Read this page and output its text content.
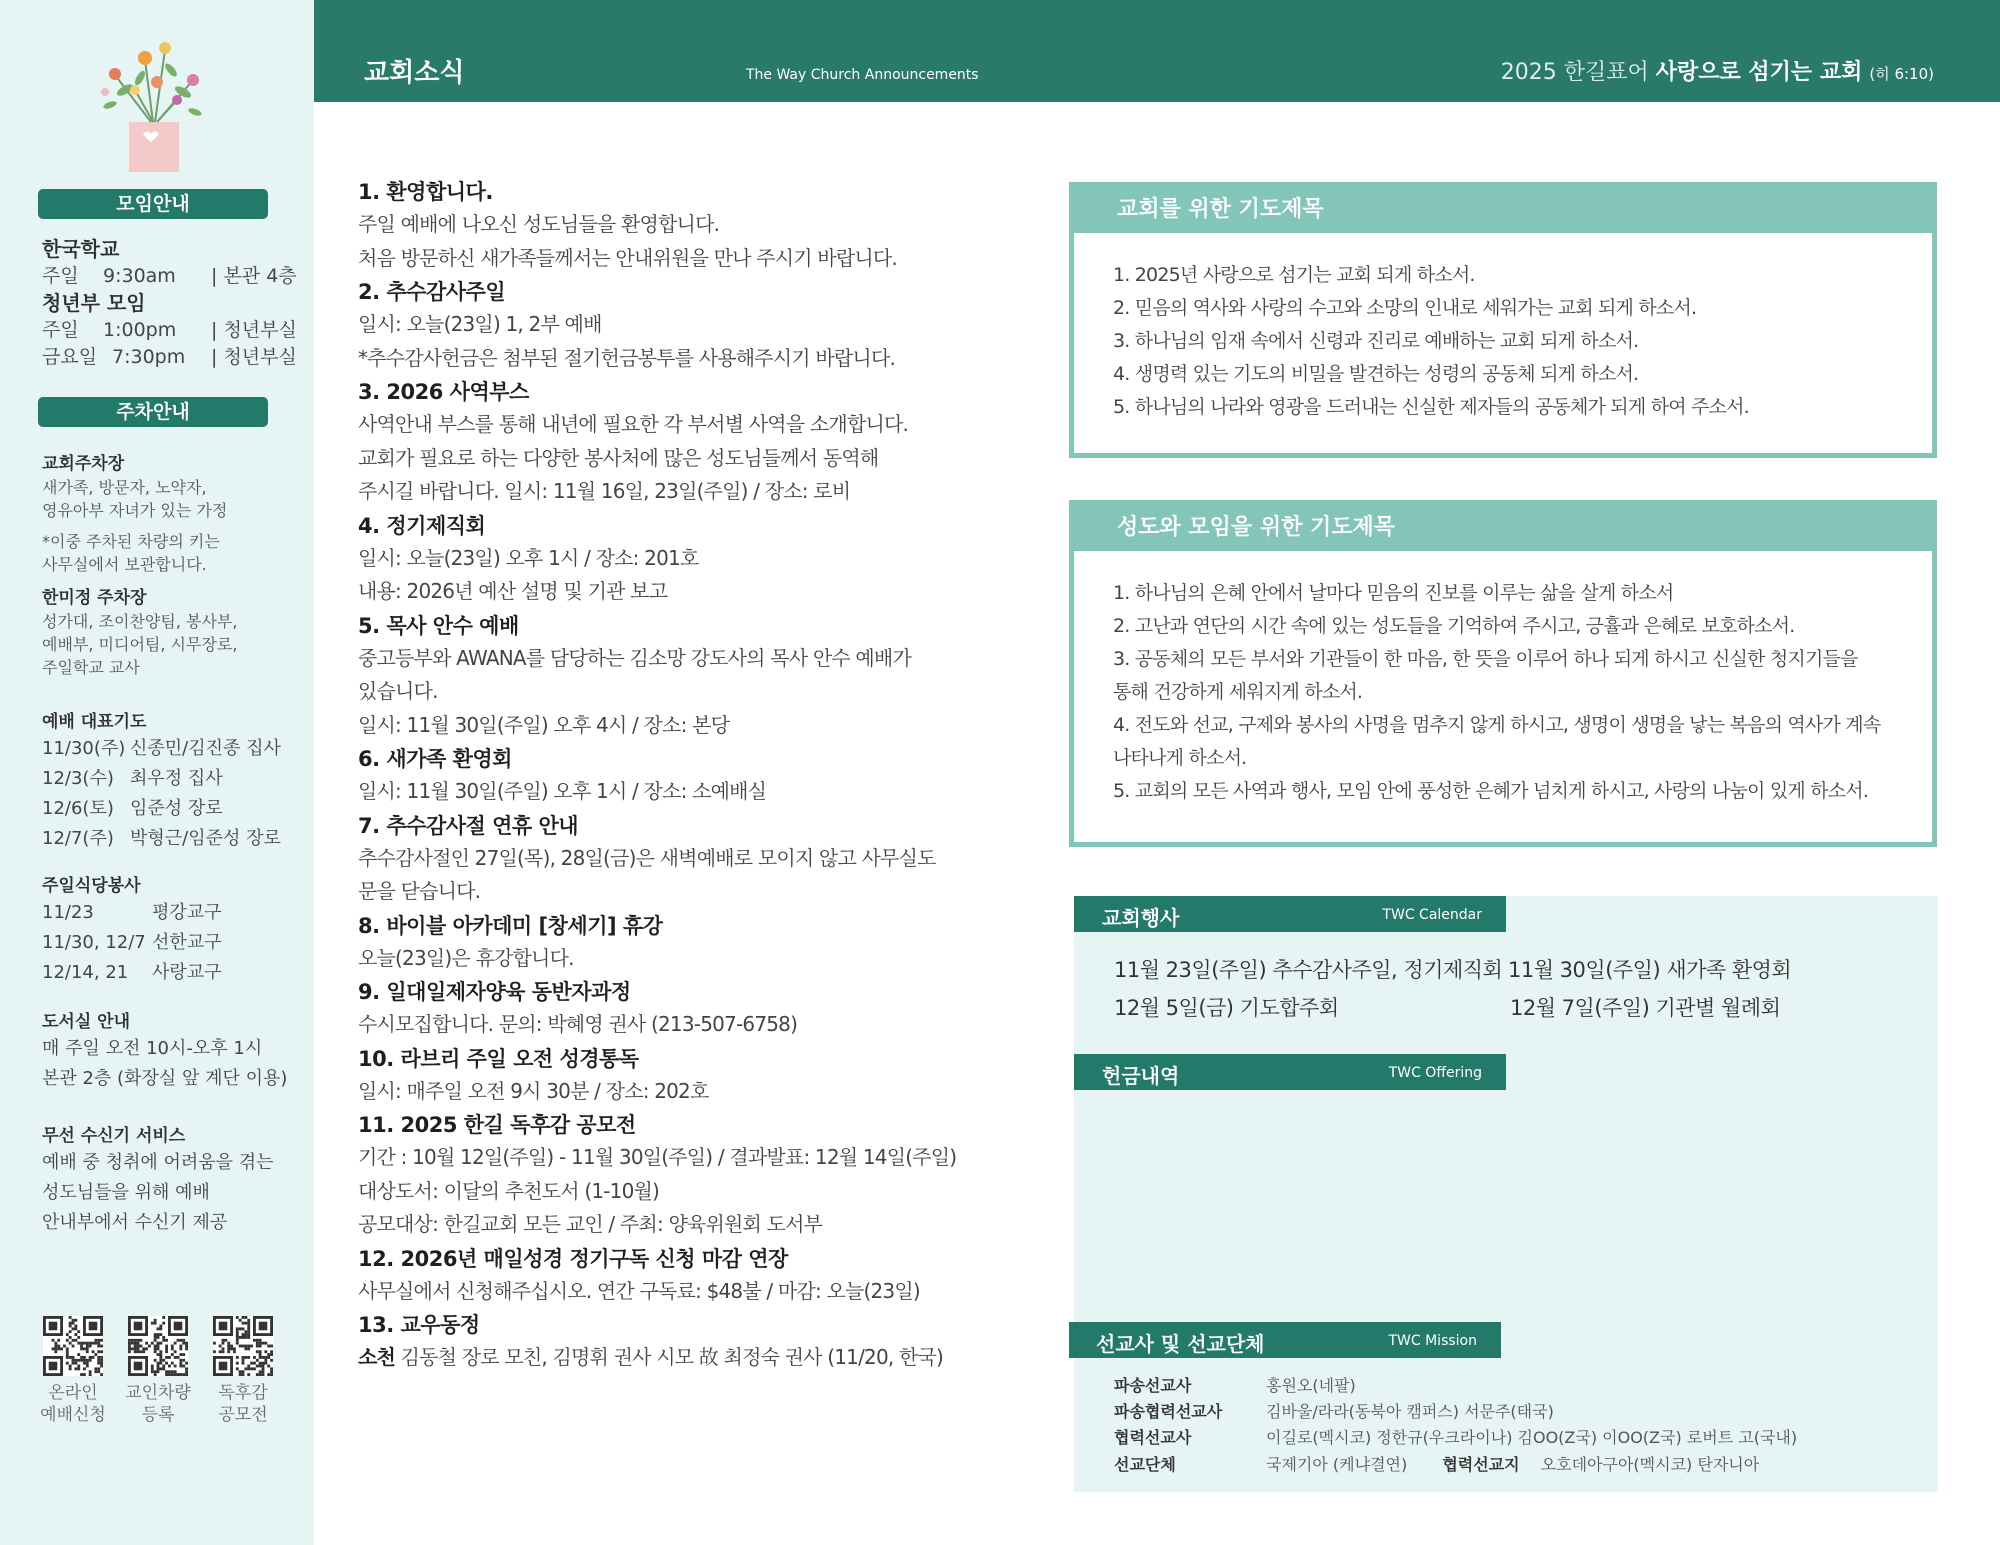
모임안내
한국학교
주일 9:30am | 본관 4층
청년부 모임
주일 1:00pm | 청년부실
금요일 7:30pm | 청년부실
주차안내
교회주차장
새가족, 방문자, 노약자,
영유아부 자녀가 있는 가정
*이중 주차된 차량의 키는
사무실에서 보관합니다.
한미정 주차장
성가대, 조이찬양팀, 봉사부,
예배부, 미디어팀, 시무장로,
주일학교 교사
예배 대표기도
11/30(주) 신종민/김진종 집사
12/3(수) 최우정 집사
12/6(토) 임준성 장로
12/7(주) 박형근/임준성 장로
주일식당봉사
11/23	평강교구
11/30, 12/7 선한교구
12/14, 21 사랑교구
도서실 안내
매 주일 오전 10시-오후 1시
본관 2층 (화장실 앞 계단 이용)
무선 수신기 서비스
예배 중 청취에 어려움을 겪는
성도님들을 위해 예배
안내부에서 수신기 제공
온라인
예배신청
교인차량
등록
독후감
공모전
교회소식	The Way Church Announcements	2025 한길표어 사랑으로 섬기는 교회 (히 6:10)
1. 환영합니다.
주일 예배에 나오신 성도님들을 환영합니다.
처음 방문하신 새가족들께서는 안내위원을 만나 주시기 바랍니다.
2. 추수감사주일
일시: 오늘(23일) 1, 2부 예배
*추수감사헌금은 첨부된 절기헌금봉투를 사용해주시기 바랍니다.
3. 2026 사역부스
사역안내 부스를 통해 내년에 필요한 각 부서별 사역을 소개합니다.
교회가 필요로 하는 다양한 봉사처에 많은 성도님들께서 동역해
주시길 바랍니다. 일시: 11월 16일, 23일(주일) / 장소: 로비
4. 정기제직회
일시: 오늘(23일) 오후 1시 / 장소: 201호
내용: 2026년 예산 설명 및 기관 보고
5. 목사 안수 예배
중고등부와 AWANA를 담당하는 김소망 강도사의 목사 안수 예배가
있습니다.
일시: 11월 30일(주일) 오후 4시 / 장소: 본당
6. 새가족 환영회
일시: 11월 30일(주일) 오후 1시 / 장소: 소예배실
7. 추수감사절 연휴 안내
추수감사절인 27일(목), 28일(금)은 새벽예배로 모이지 않고 사무실도
문을 닫습니다.
8. 바이블 아카데미 [창세기] 휴강
오늘(23일)은 휴강합니다.
9. 일대일제자양육 동반자과정
수시모집합니다. 문의: 박혜영 권사 (213-507-6758)
10. 라브리 주일 오전 성경통독
일시: 매주일 오전 9시 30분 / 장소: 202호
11. 2025 한길 독후감 공모전
기간 : 10월 12일(주일) - 11월 30일(주일) / 결과발표: 12월 14일(주일)
대상도서: 이달의 추천도서 (1-10월)
공모대상: 한길교회 모든 교인 / 주최: 양육위원회 도서부
12. 2026년 매일성경 정기구독 신청 마감 연장
사무실에서 신청해주십시오. 연간 구독료: $48불 / 마감: 오늘(23일)
13. 교우동정
소천 김동철 장로 모친, 김명휘 권사 시모 故 최정숙 권사 (11/20, 한국)
교회를 위한 기도제목
1. 2025년 사랑으로 섬기는 교회 되게 하소서.
2. 믿음의 역사와 사랑의 수고와 소망의 인내로 세워가는 교회 되게 하소서.
3. 하나님의 임재 속에서 신령과 진리로 예배하는 교회 되게 하소서.
4. 생명력 있는 기도의 비밀을 발견하는 성령의 공동체 되게 하소서.
5. 하나님의 나라와 영광을 드러내는 신실한 제자들의 공동체가 되게 하여 주소서.
성도와 모임을 위한 기도제목
1. 하나님의 은혜 안에서 날마다 믿음의 진보를 이루는 삶을 살게 하소서
2. 고난과 연단의 시간 속에 있는 성도들을 기억하여 주시고, 긍휼과 은혜로 보호하소서.
3. 공동체의 모든 부서와 기관들이 한 마음, 한 뜻을 이루어 하나 되게 하시고 신실한 청지기들을
통해 건강하게 세워지게 하소서.
4. 전도와 선교, 구제와 봉사의 사명을 멈추지 않게 하시고, 생명이 생명을 낳는 복음의 역사가 계속
나타나게 하소서.
5. 교회의 모든 사역과 행사, 모임 안에 풍성한 은혜가 넘치게 하시고, 사랑의 나눔이 있게 하소서.
교회행사	TWC Calendar
11월 23일(주일) 추수감사주일, 정기제직회 11월 30일(주일) 새가족 환영회
12월 5일(금) 기도합주회	12월 7일(주일) 기관별 월례회
헌금내역	TWC Offering
선교사 및 선교단체	TWC Mission
파송선교사	홍원오(네팔)
파송협력선교사	김바울/라라(동북아 캠퍼스) 서문주(태국)
협력선교사	이길로(멕시코) 정한규(우크라이나) 김OO(Z국) 이OO(Z국) 로버트 고(국내)
선교단체	국제기아 (케냐결연) 협력선교지 오호데아구아(멕시코) 탄자니아
